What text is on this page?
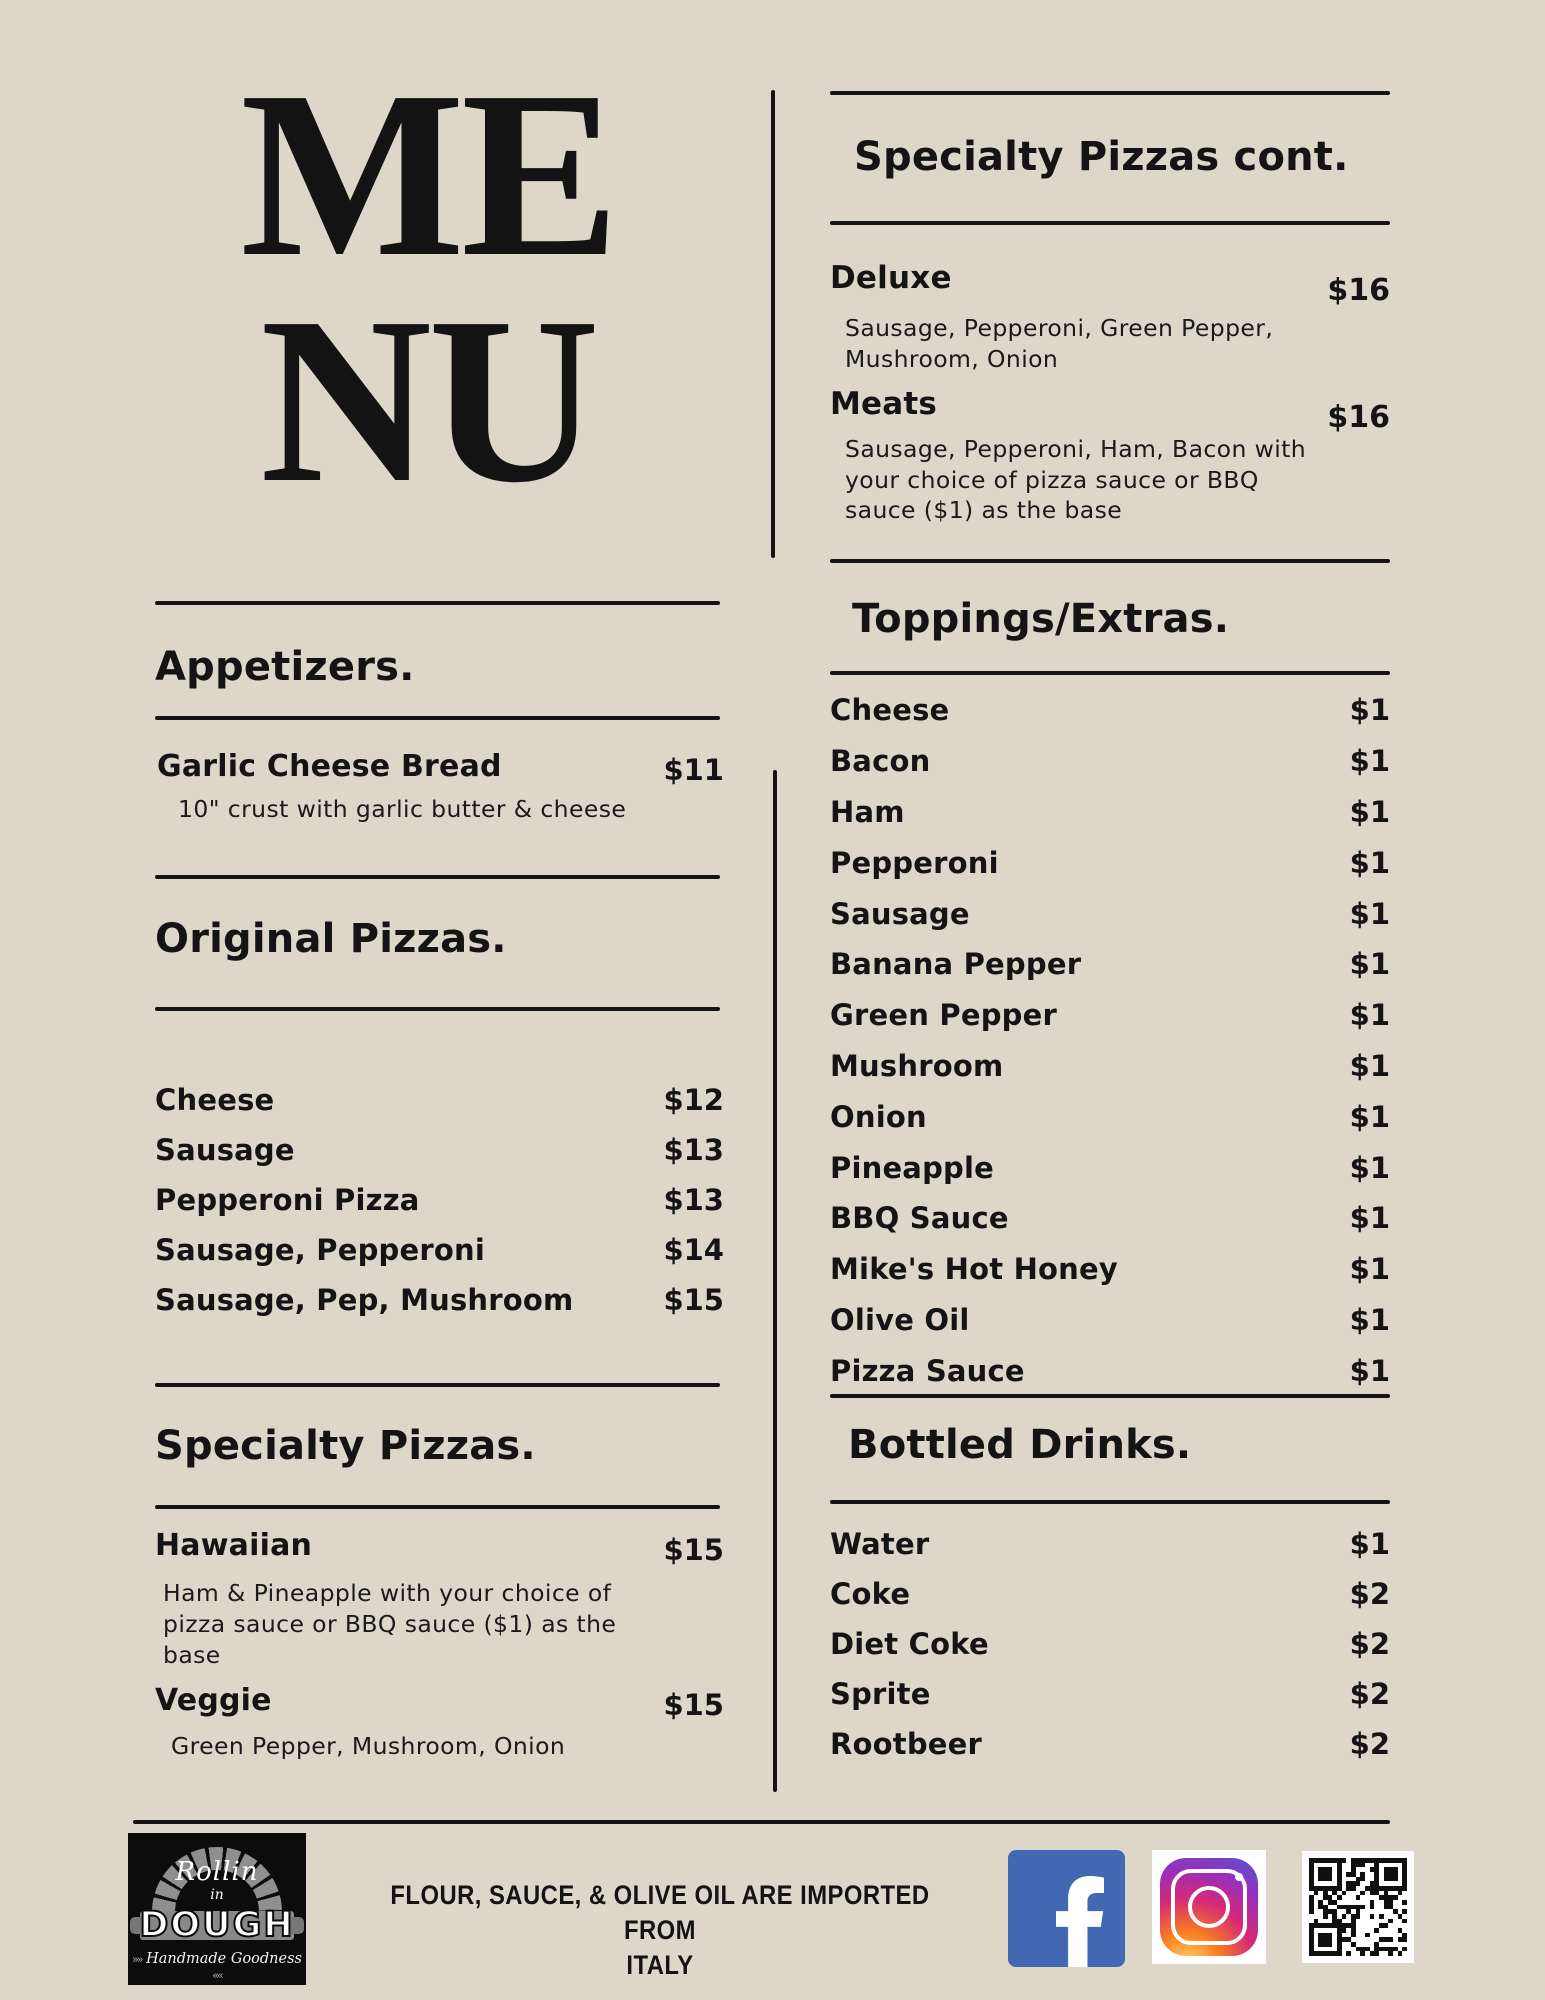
ME
NU
Appetizers.
Garlic Cheese Bread	$11
10" crust with garlic butter & cheese
Original Pizzas.
Cheese	$12
Sausage	$13
Pepperoni Pizza	$13
Sausage, Pepperoni	$14
Sausage, Pep, Mushroom	$15
Specialty Pizzas.
Hawaiian	$15
Ham & Pineapple with your choice of pizza sauce or BBQ sauce ($1) as the base
Veggie	$15
Green Pepper, Mushroom, Onion
Specialty Pizzas cont.
Deluxe	$16
Sausage, Pepperoni, Green Pepper, Mushroom, Onion
Meats	$16
Sausage, Pepperoni, Ham, Bacon with your choice of pizza sauce or BBQ sauce ($1) as the base
Toppings/Extras.
Cheese	$1
Bacon	$1
Ham	$1
Pepperoni	$1
Sausage	$1
Banana Pepper	$1
Green Pepper	$1
Mushroom	$1
Onion	$1
Pineapple	$1
BBQ Sauce	$1
Mike's Hot Honey	$1
Olive Oil	$1
Pizza Sauce	$1
Bottled Drinks.
Water	$1
Coke	$2
Diet Coke	$2
Sprite	$2
Rootbeer	$2
Rollin
in
DOUGH
»» Handmade Goodness ««
FLOUR, SAUCE, & OLIVE OIL ARE IMPORTED FROM
ITALY
